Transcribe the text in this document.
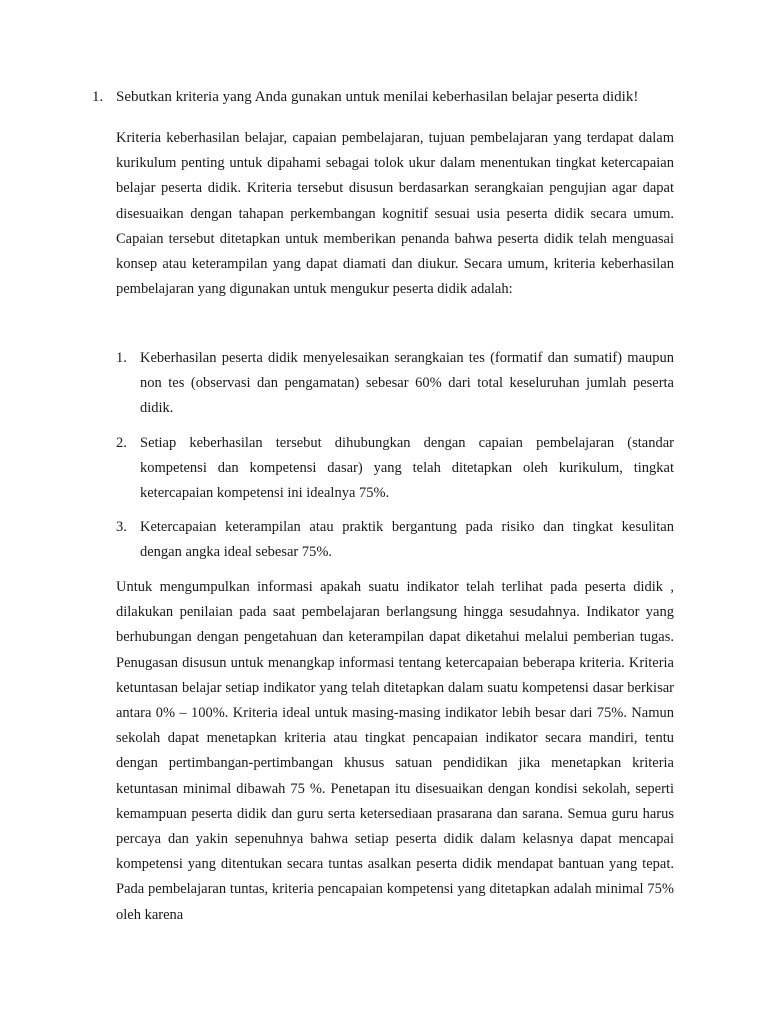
1. Sebutkan kriteria yang Anda gunakan untuk menilai keberhasilan belajar peserta didik!
Kriteria keberhasilan belajar, capaian pembelajaran, tujuan pembelajaran yang terdapat dalam kurikulum penting untuk dipahami sebagai tolok ukur dalam menentukan tingkat ketercapaian belajar peserta didik. Kriteria tersebut disusun berdasarkan serangkaian pengujian agar dapat disesuaikan dengan tahapan perkembangan kognitif sesuai usia peserta didik secara umum. Capaian tersebut ditetapkan untuk memberikan penanda bahwa peserta didik telah menguasai konsep atau keterampilan yang dapat diamati dan diukur. Secara umum, kriteria keberhasilan pembelajaran yang digunakan untuk mengukur peserta didik adalah:
1. Keberhasilan peserta didik menyelesaikan serangkaian tes (formatif dan sumatif) maupun non tes (observasi dan pengamatan) sebesar 60% dari total keseluruhan jumlah peserta didik.
2. Setiap keberhasilan tersebut dihubungkan dengan capaian pembelajaran (standar kompetensi dan kompetensi dasar) yang telah ditetapkan oleh kurikulum, tingkat ketercapaian kompetensi ini idealnya 75%.
3. Ketercapaian keterampilan atau praktik bergantung pada risiko dan tingkat kesulitan dengan angka ideal sebesar 75%.
Untuk mengumpulkan informasi apakah suatu indikator telah terlihat pada peserta didik , dilakukan penilaian pada saat pembelajaran berlangsung hingga sesudahnya. Indikator yang berhubungan dengan pengetahuan dan keterampilan dapat diketahui melalui pemberian tugas. Penugasan disusun untuk menangkap informasi tentang ketercapaian beberapa kriteria. Kriteria ketuntasan belajar setiap indikator yang telah ditetapkan dalam suatu kompetensi dasar berkisar antara 0% – 100%. Kriteria ideal untuk masing-masing indikator lebih besar dari 75%. Namun sekolah dapat menetapkan kriteria atau tingkat pencapaian indikator secara mandiri, tentu dengan pertimbangan-pertimbangan khusus satuan pendidikan jika menetapkan kriteria ketuntasan minimal dibawah 75 %. Penetapan itu disesuaikan dengan kondisi sekolah, seperti kemampuan peserta didik dan guru serta ketersediaan prasarana dan sarana. Semua guru harus percaya dan yakin sepenuhnya bahwa setiap peserta didik dalam kelasnya dapat mencapai kompetensi yang ditentukan secara tuntas asalkan peserta didik mendapat bantuan yang tepat. Pada pembelajaran tuntas, kriteria pencapaian kompetensi yang ditetapkan adalah minimal 75% oleh karena
